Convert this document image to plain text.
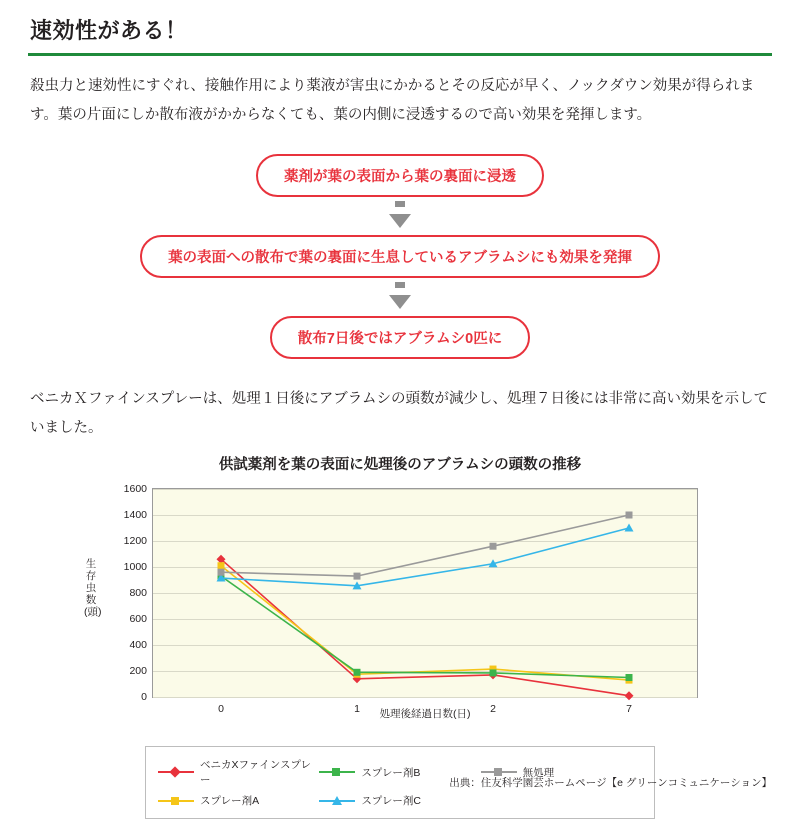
速効性がある！
殺虫力と速効性にすぐれ、接触作用により薬液が害虫にかかるとその反応が早く、ノックダウン効果が得られます。葉の片面にしか散布液がかからなくても、葉の内側に浸透するので高い効果を発揮します。
薬剤が葉の表面から葉の裏面に浸透
葉の表面への散布で葉の裏面に生息しているアブラムシにも効果を発揮
散布7日後ではアブラムシ0匹に
ベニカＸファインスプレーは、処理１日後にアブラムシの頭数が減少し、処理７日後には非常に高い効果を示していました。
供試薬剤を葉の表面に処理後のアブラムシの頭数の推移
生存虫数(頭)
0
200
400
600
800
1000
1200
1400
1600
0	1	2	7
処理後経過日数(日)
ベニカXファインスプレー
スプレー剤B	無処理
スプレー剤A	スプレー剤C
出典：住友科学園芸ホームページ【e グリーンコミュニケーション】
